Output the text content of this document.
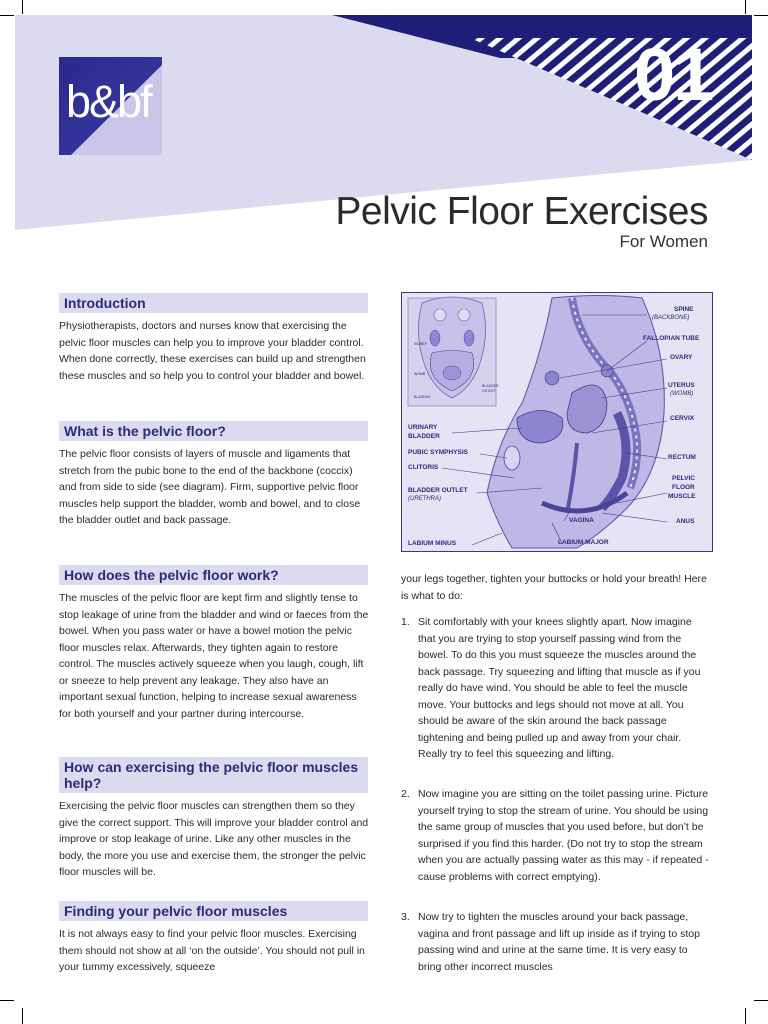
b&bf	01
Pelvic Floor Exercises
For Women
Introduction

Physiotherapists, doctors and nurses know that exercising the pelvic floor muscles can help you to improve your bladder control. When done correctly, these exercises can build up and strengthen these muscles and so help you to control your bladder and bowel.

What is the pelvic floor?

The pelvic floor consists of layers of muscle and ligaments that stretch from the pubic bone to the end of the backbone (coccix) and from side to side (see diagram). Firm, supportive pelvic floor muscles help support the bladder, womb and bowel, and to close the bladder outlet and back passage.

How does the pelvic floor work?

The muscles of the pelvic floor are kept firm and slightly tense to stop leakage of urine from the bladder and wind or faeces from the bowel. When you pass water or have a bowel motion the pelvic floor muscles relax. Afterwards, they tighten again to restore control. The muscles actively squeeze when you laugh, cough, lift or sneeze to help prevent any leakage. They also have an important sexual function, helping to increase sexual awareness for both yourself and your partner during intercourse.

How can exercising the pelvic floor muscles help?

Exercising the pelvic floor muscles can strengthen them so they give the correct support. This will improve your bladder control and improve or stop leakage of urine. Like any other muscles in the body, the more you use and exercise them, the stronger the pelvic floor muscles will be.

Finding your pelvic floor muscles

It is not always easy to find your pelvic floor muscles. Exercising them should not show at all ‘on the outside’. You should not pull in your tummy excessively, squeeze

KIDNEY
WOMB
BLADDER
BLADDER
OUTLET
SPINE
(BACKBONE)
FALLOPIAN TUBE
OVARY
UTERUS
(WOMB)
CERVIX
RECTUM
PELVIC
FLOOR
MUSCLE
ANUS
URINARY
BLADDER
PUBIC SYMPHYSIS
CLITORIS
BLADDER OUTLET
(URETHRA)
LABIUM MINUS
VAGINA
LABIUM MAJOR

your legs together, tighten your buttocks or hold your breath! Here is what to do:

1. Sit comfortably with your knees slightly apart. Now imagine that you are trying to stop yourself passing wind from the bowel. To do this you must squeeze the muscles around the back passage. Try squeezing and lifting that muscle as if you really do have wind. You should be able to feel the muscle move. Your buttocks and legs should not move at all. You should be aware of the skin around the back passage tightening and being pulled up and away from your chair. Really try to feel this squeezing and lifting.

2. Now imagine you are sitting on the toilet passing urine. Picture yourself trying to stop the stream of urine. You should be using the same group of muscles that you used before, but don’t be surprised if you find this harder. (Do not try to stop the stream when you are actually passing water as this may - if repeated - cause problems with correct emptying).

3. Now try to tighten the muscles around your back passage, vagina and front passage and lift up inside as if trying to stop passing wind and urine at the same time. It is very easy to bring other incorrect muscles
